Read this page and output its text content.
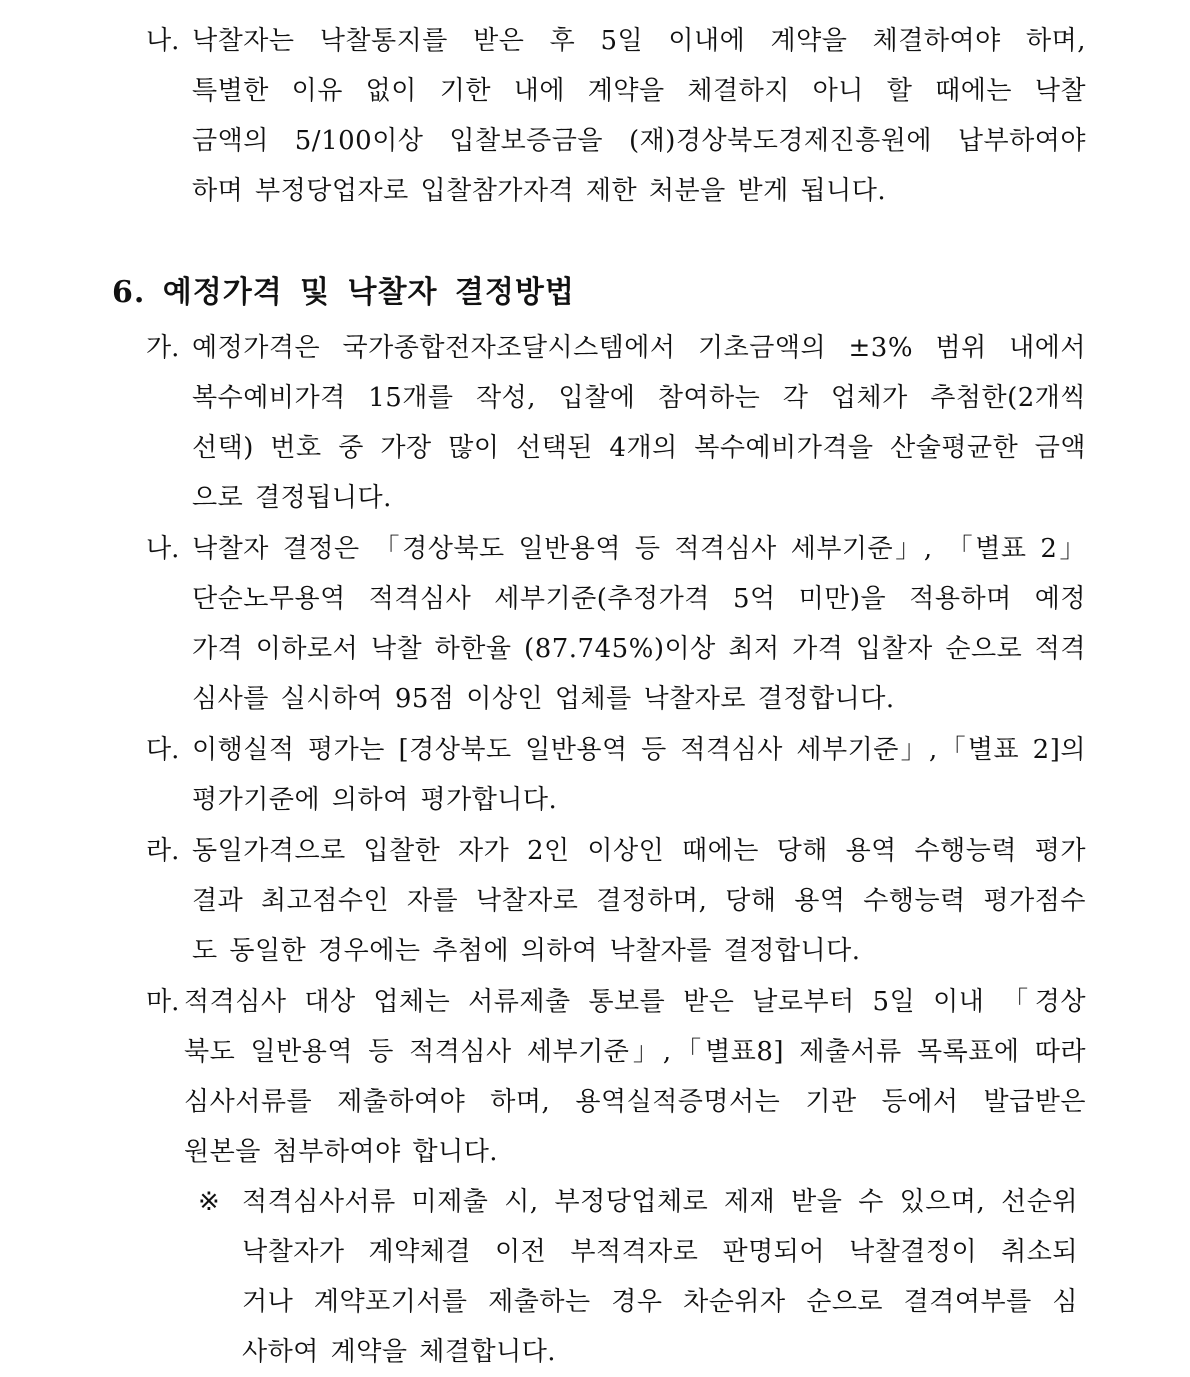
나. 낙찰자는 낙찰통지를 받은 후 5일 이내에 계약을 체결하여야 하며,
특별한 이유 없이 기한 내에 계약을 체결하지 아니 할 때에는 낙찰
금액의 5/100이상 입찰보증금을 (재)경상북도경제진흥원에 납부하여야
하며 부정당업자로 입찰참가자격 제한 처분을 받게 됩니다.
6. 예정가격 및 낙찰자 결정방법
가. 예정가격은 국가종합전자조달시스템에서 기초금액의 ±3% 범위 내에서
복수예비가격 15개를 작성, 입찰에 참여하는 각 업체가 추첨한(2개씩
선택) 번호 중 가장 많이 선택된 4개의 복수예비가격을 산술평균한 금액
으로 결정됩니다.
나. 낙찰자 결정은 「경상북도 일반용역 등 적격심사 세부기준」, 「별표 2」
단순노무용역 적격심사 세부기준(추정가격 5억 미만)을 적용하며 예정
가격 이하로서 낙찰 하한율 (87.745%)이상 최저 가격 입찰자 순으로 적격
심사를 실시하여 95점 이상인 업체를 낙찰자로 결정합니다.
다. 이행실적 평가는 [경상북도 일반용역 등 적격심사 세부기준」,「별표 2]의
평가기준에 의하여 평가합니다.
라. 동일가격으로 입찰한 자가 2인 이상인 때에는 당해 용역 수행능력 평가
결과 최고점수인 자를 낙찰자로 결정하며, 당해 용역 수행능력 평가점수
도 동일한 경우에는 추첨에 의하여 낙찰자를 결정합니다.
마. 적격심사 대상 업체는 서류제출 통보를 받은 날로부터 5일 이내 「경상
북도 일반용역 등 적격심사 세부기준」,「별표8] 제출서류 목록표에 따라
심사서류를 제출하여야 하며, 용역실적증명서는 기관 등에서 발급받은
원본을 첨부하여야 합니다.
※ 적격심사서류 미제출 시, 부정당업체로 제재 받을 수 있으며, 선순위
낙찰자가 계약체결 이전 부적격자로 판명되어 낙찰결정이 취소되
거나 계약포기서를 제출하는 경우 차순위자 순으로 결격여부를 심
사하여 계약을 체결합니다.
